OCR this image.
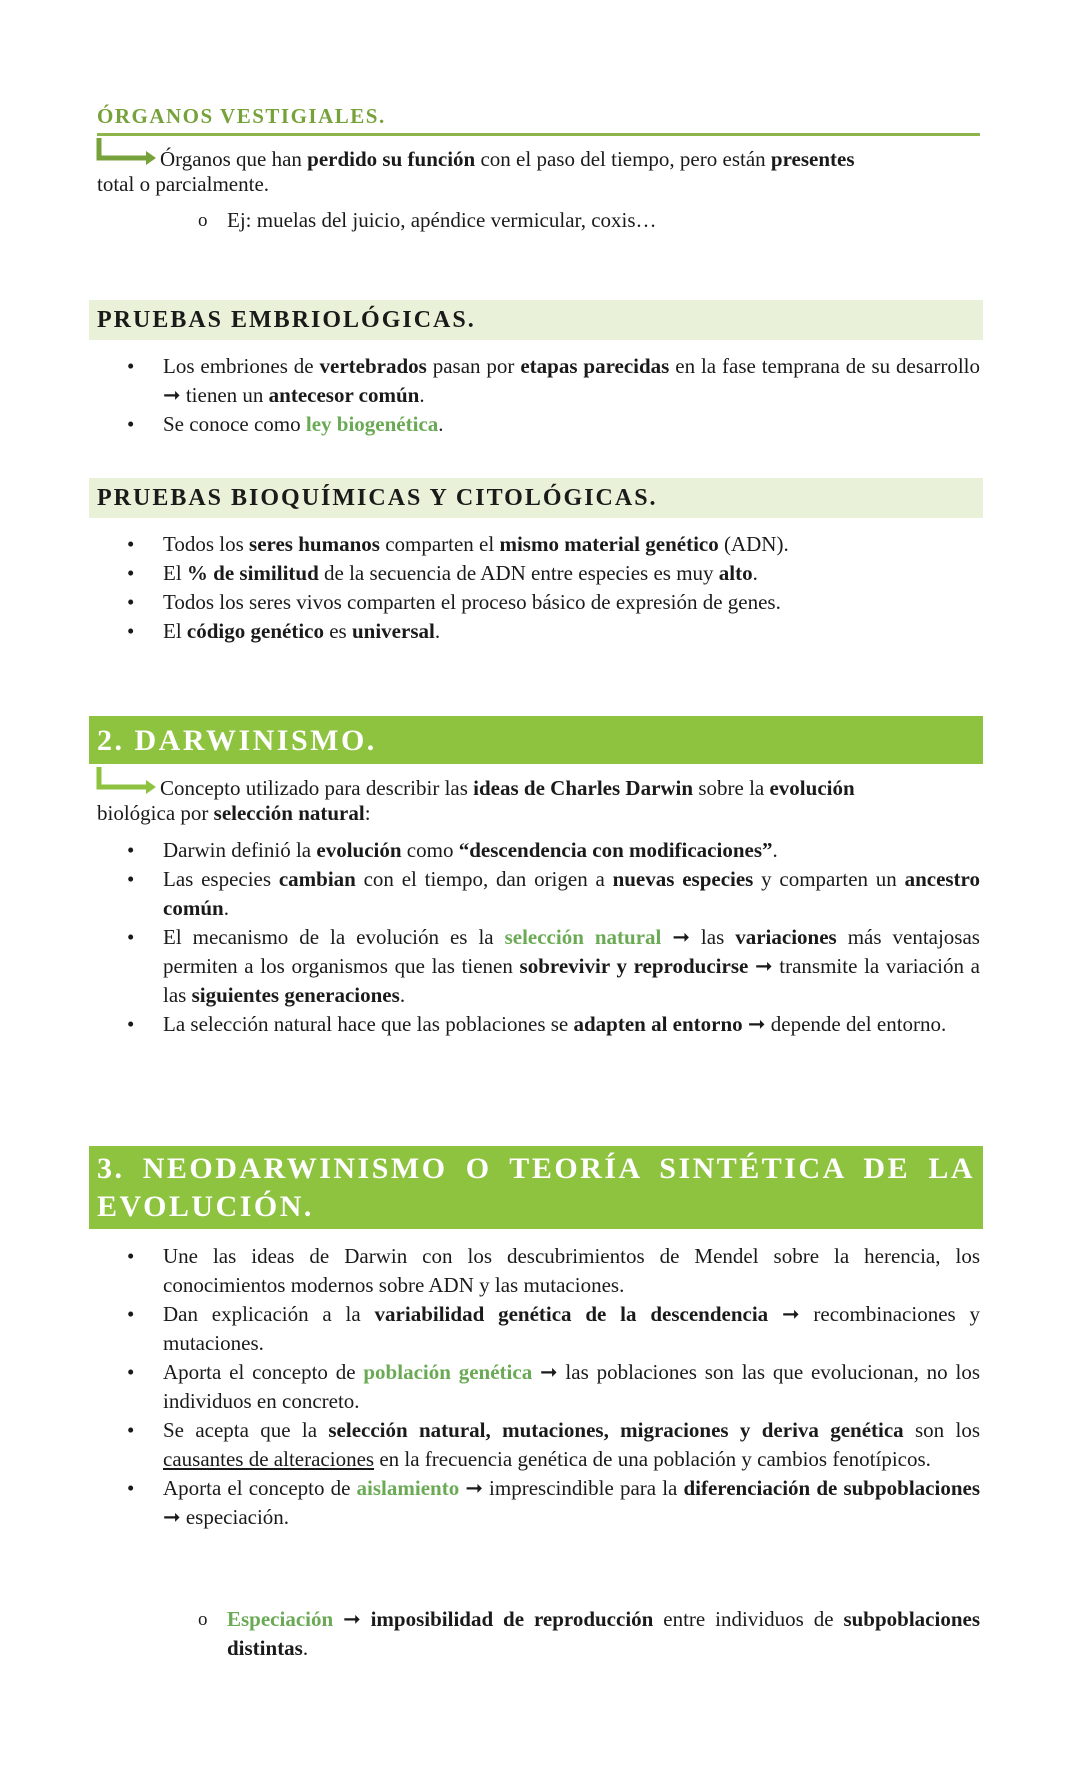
ÓRGANOS VESTIGIALES.
Órganos que han perdido su función con el paso del tiempo, pero están presentes
total o parcialmente.
o Ej: muelas del juicio, apéndice vermicular, coxis…
PRUEBAS EMBRIOLÓGICAS.
• Los embriones de vertebrados pasan por etapas parecidas en la fase temprana de su desarrollo ➞ tienen un antecesor común.
• Se conoce como ley biogenética.
PRUEBAS BIOQUÍMICAS Y CITOLÓGICAS.
• Todos los seres humanos comparten el mismo material genético (ADN).
• El % de similitud de la secuencia de ADN entre especies es muy alto.
• Todos los seres vivos comparten el proceso básico de expresión de genes.
• El código genético es universal.
2. DARWINISMO.
Concepto utilizado para describir las ideas de Charles Darwin sobre la evolución
biológica por selección natural:
• Darwin definió la evolución como “descendencia con modificaciones”.
• Las especies cambian con el tiempo, dan origen a nuevas especies y comparten un ancestro común.
• El mecanismo de la evolución es la selección natural ➞ las variaciones más ventajosas permiten a los organismos que las tienen sobrevivir y reproducirse ➞ transmite la variación a las siguientes generaciones.
• La selección natural hace que las poblaciones se adapten al entorno ➞ depende del entorno.
3. NEODARWINISMO O TEORÍA SINTÉTICA DE LA
EVOLUCIÓN.
• Une las ideas de Darwin con los descubrimientos de Mendel sobre la herencia, los conocimientos modernos sobre ADN y las mutaciones.
• Dan explicación a la variabilidad genética de la descendencia ➞ recombinaciones y mutaciones.
• Aporta el concepto de población genética ➞ las poblaciones son las que evolucionan, no los individuos en concreto.
• Se acepta que la selección natural, mutaciones, migraciones y deriva genética son los causantes de alteraciones en la frecuencia genética de una población y cambios fenotípicos.
• Aporta el concepto de aislamiento ➞ imprescindible para la diferenciación de subpoblaciones ➞ especiación.
o Especiación ➞ imposibilidad de reproducción entre individuos de subpoblaciones distintas.
